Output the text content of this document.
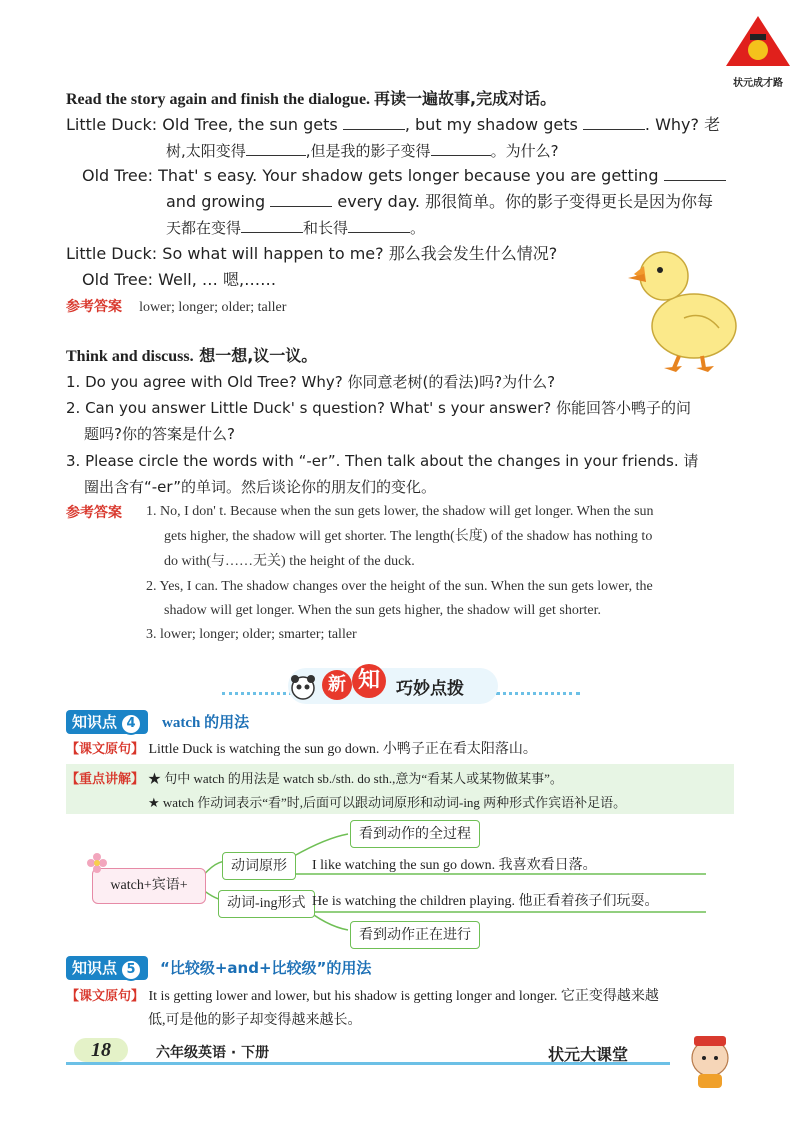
状元成才路
Read the story again and finish the dialogue. 再读一遍故事,完成对话。
Little Duck: Old Tree, the sun gets	, but my shadow gets	. Why? 老
树,太阳变得	,但是我的影子变得	。为什么?
Old Tree: That' s easy. Your shadow gets longer because you are getting
and growing	every day. 那很简单。你的影子变得更长是因为你每
天都在变得	和长得	。
Little Duck: So what will happen to me? 那么我会发生什么情况?
Old Tree: Well, … 嗯,……
参考答案 lower; longer; older; taller
Think and discuss. 想一想,议一议。
1. Do you agree with Old Tree? Why? 你同意老树(的看法)吗?为什么?
2. Can you answer Little Duck' s question? What' s your answer? 你能回答小鸭子的问
题吗?你的答案是什么?
3. Please circle the words with “-er”. Then talk about the changes in your friends. 请
圈出含有“-er”的单词。然后谈论你的朋友们的变化。
参考答案 1. No, I don' t. Because when the sun gets lower, the shadow will get longer. When the sun
gets higher, the shadow will get shorter. The length(长度) of the shadow has nothing to
do with(与……无关) the height of the duck.
2. Yes, I can. The shadow changes over the height of the sun. When the sun gets lower, the
shadow will get longer. When the sun gets higher, the shadow will get shorter.
3. lower; longer; older; smarter; taller
新 知 巧妙点拨
知识点 4	watch 的用法
【课文原句】 Little Duck is watching the sun go down. 小鸭子正在看太阳落山。
【重点讲解】 ★ 句中 watch 的用法是 watch sb./sth. do sth.,意为“看某人或某物做某事”。
★ watch 作动词表示“看”时,后面可以跟动词原形和动词-ing 两种形式作宾语补足语。
watch+宾语+
动词原形
看到动作的全过程
I like watching the sun go down. 我喜欢看日落。
动词-ing形式 He is watching the children playing. 他正看着孩子们玩耍。
看到动作正在进行
知识点 5	“比较级+and+比较级”的用法
【课文原句】 It is getting lower and lower, but his shadow is getting longer and longer. 它正变得越来越
低,可是他的影子却变得越来越长。
18	六年级英语 · 下册	状元大课堂
